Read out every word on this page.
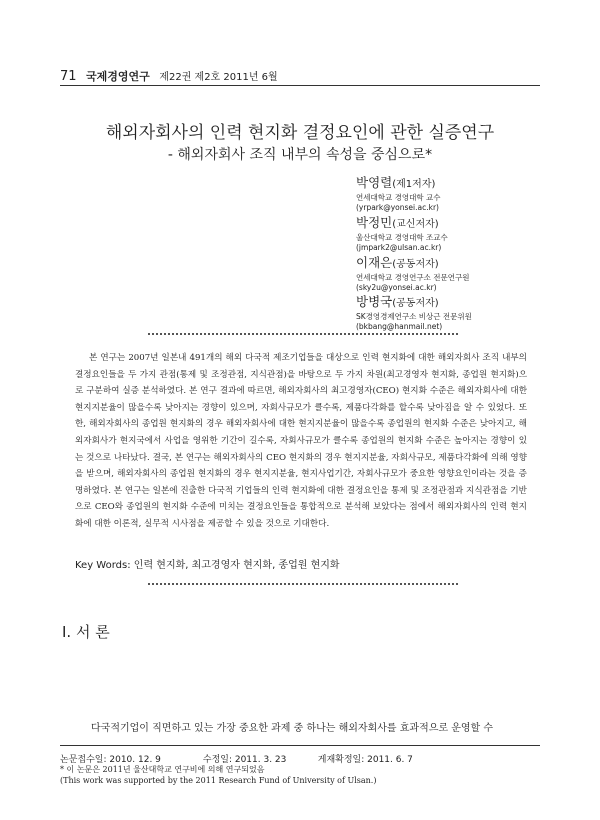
71 국제경영연구 제22권 제2호 2011년 6월
해외자회사의 인력 현지화 결정요인에 관한 실증연구
- 해외자회사 조직 내부의 속성을 중심으로*
박영렬(제1저자)
연세대학교 경영대학 교수
(yrpark@yonsei.ac.kr)
박정민(교신저자)
울산대학교 경영대학 조교수
(jmpark2@ulsan.ac.kr)
이재은(공동저자)
연세대학교 경영연구소 전문연구원
(sky2u@yonsei.ac.kr)
방병국(공동저자)
SK경영경제연구소 비상근 전문위원
(bkbang@hanmail.net)
본 연구는 2007년 일본내 491개의 해외 다국적 제조기업들을 대상으로 인력 현지화에 대한 해외자회사 조직 내부의 결정요인들을 두 가지 관점(통제 및 조정관점, 지식관점)을 바탕으로 두 가지 차원(최고경영자 현지화, 종업원 현지화)으로 구분하여 실증 분석하였다. 본 연구 결과에 따르면, 해외자회사의 최고경영자(CEO) 현지화 수준은 해외자회사에 대한 현지지분율이 많을수록 낮아지는 경향이 있으며, 자회사규모가 클수록, 제품다각화를 할수록 낮아짐을 알 수 있었다. 또한, 해외자회사의 종업원 현지화의 경우 해외자회사에 대한 현지지분율이 많을수록 종업원의 현지화 수준은 낮아지고, 해외자회사가 현지국에서 사업을 영위한 기간이 길수록, 자회사규모가 클수록 종업원의 현지화 수준은 높아지는 경향이 있는 것으로 나타났다. 결국, 본 연구는 해외자회사의 CEO 현지화의 경우 현지지분율, 자회사규모, 제품다각화에 의해 영향을 받으며, 해외자회사의 종업원 현지화의 경우 현지지분율, 현지사업기간, 자회사규모가 중요한 영향요인이라는 것을 증명하였다. 본 연구는 일본에 진출한 다국적 기업들의 인력 현지화에 대한 결정요인을 통제 및 조정관점과 지식관점을 기반으로 CEO와 종업원의 현지화 수준에 미치는 결정요인들을 통합적으로 분석해 보았다는 점에서 해외자회사의 인력 현지화에 대한 이론적, 실무적 시사점을 제공할 수 있을 것으로 기대한다.
Key Words: 인력 현지화, 최고경영자 현지화, 종업원 현지화
Ⅰ. 서 론
다국적기업이 직면하고 있는 가장 중요한 과제 중 하나는 해외자회사를 효과적으로 운영할 수
논문접수일: 2010. 12. 9	수정일: 2011. 3. 23	게재확정일: 2011. 6. 7
* 이 논문은 2011년 울산대학교 연구비에 의해 연구되었음
(This work was supported by the 2011 Research Fund of University of Ulsan.)
